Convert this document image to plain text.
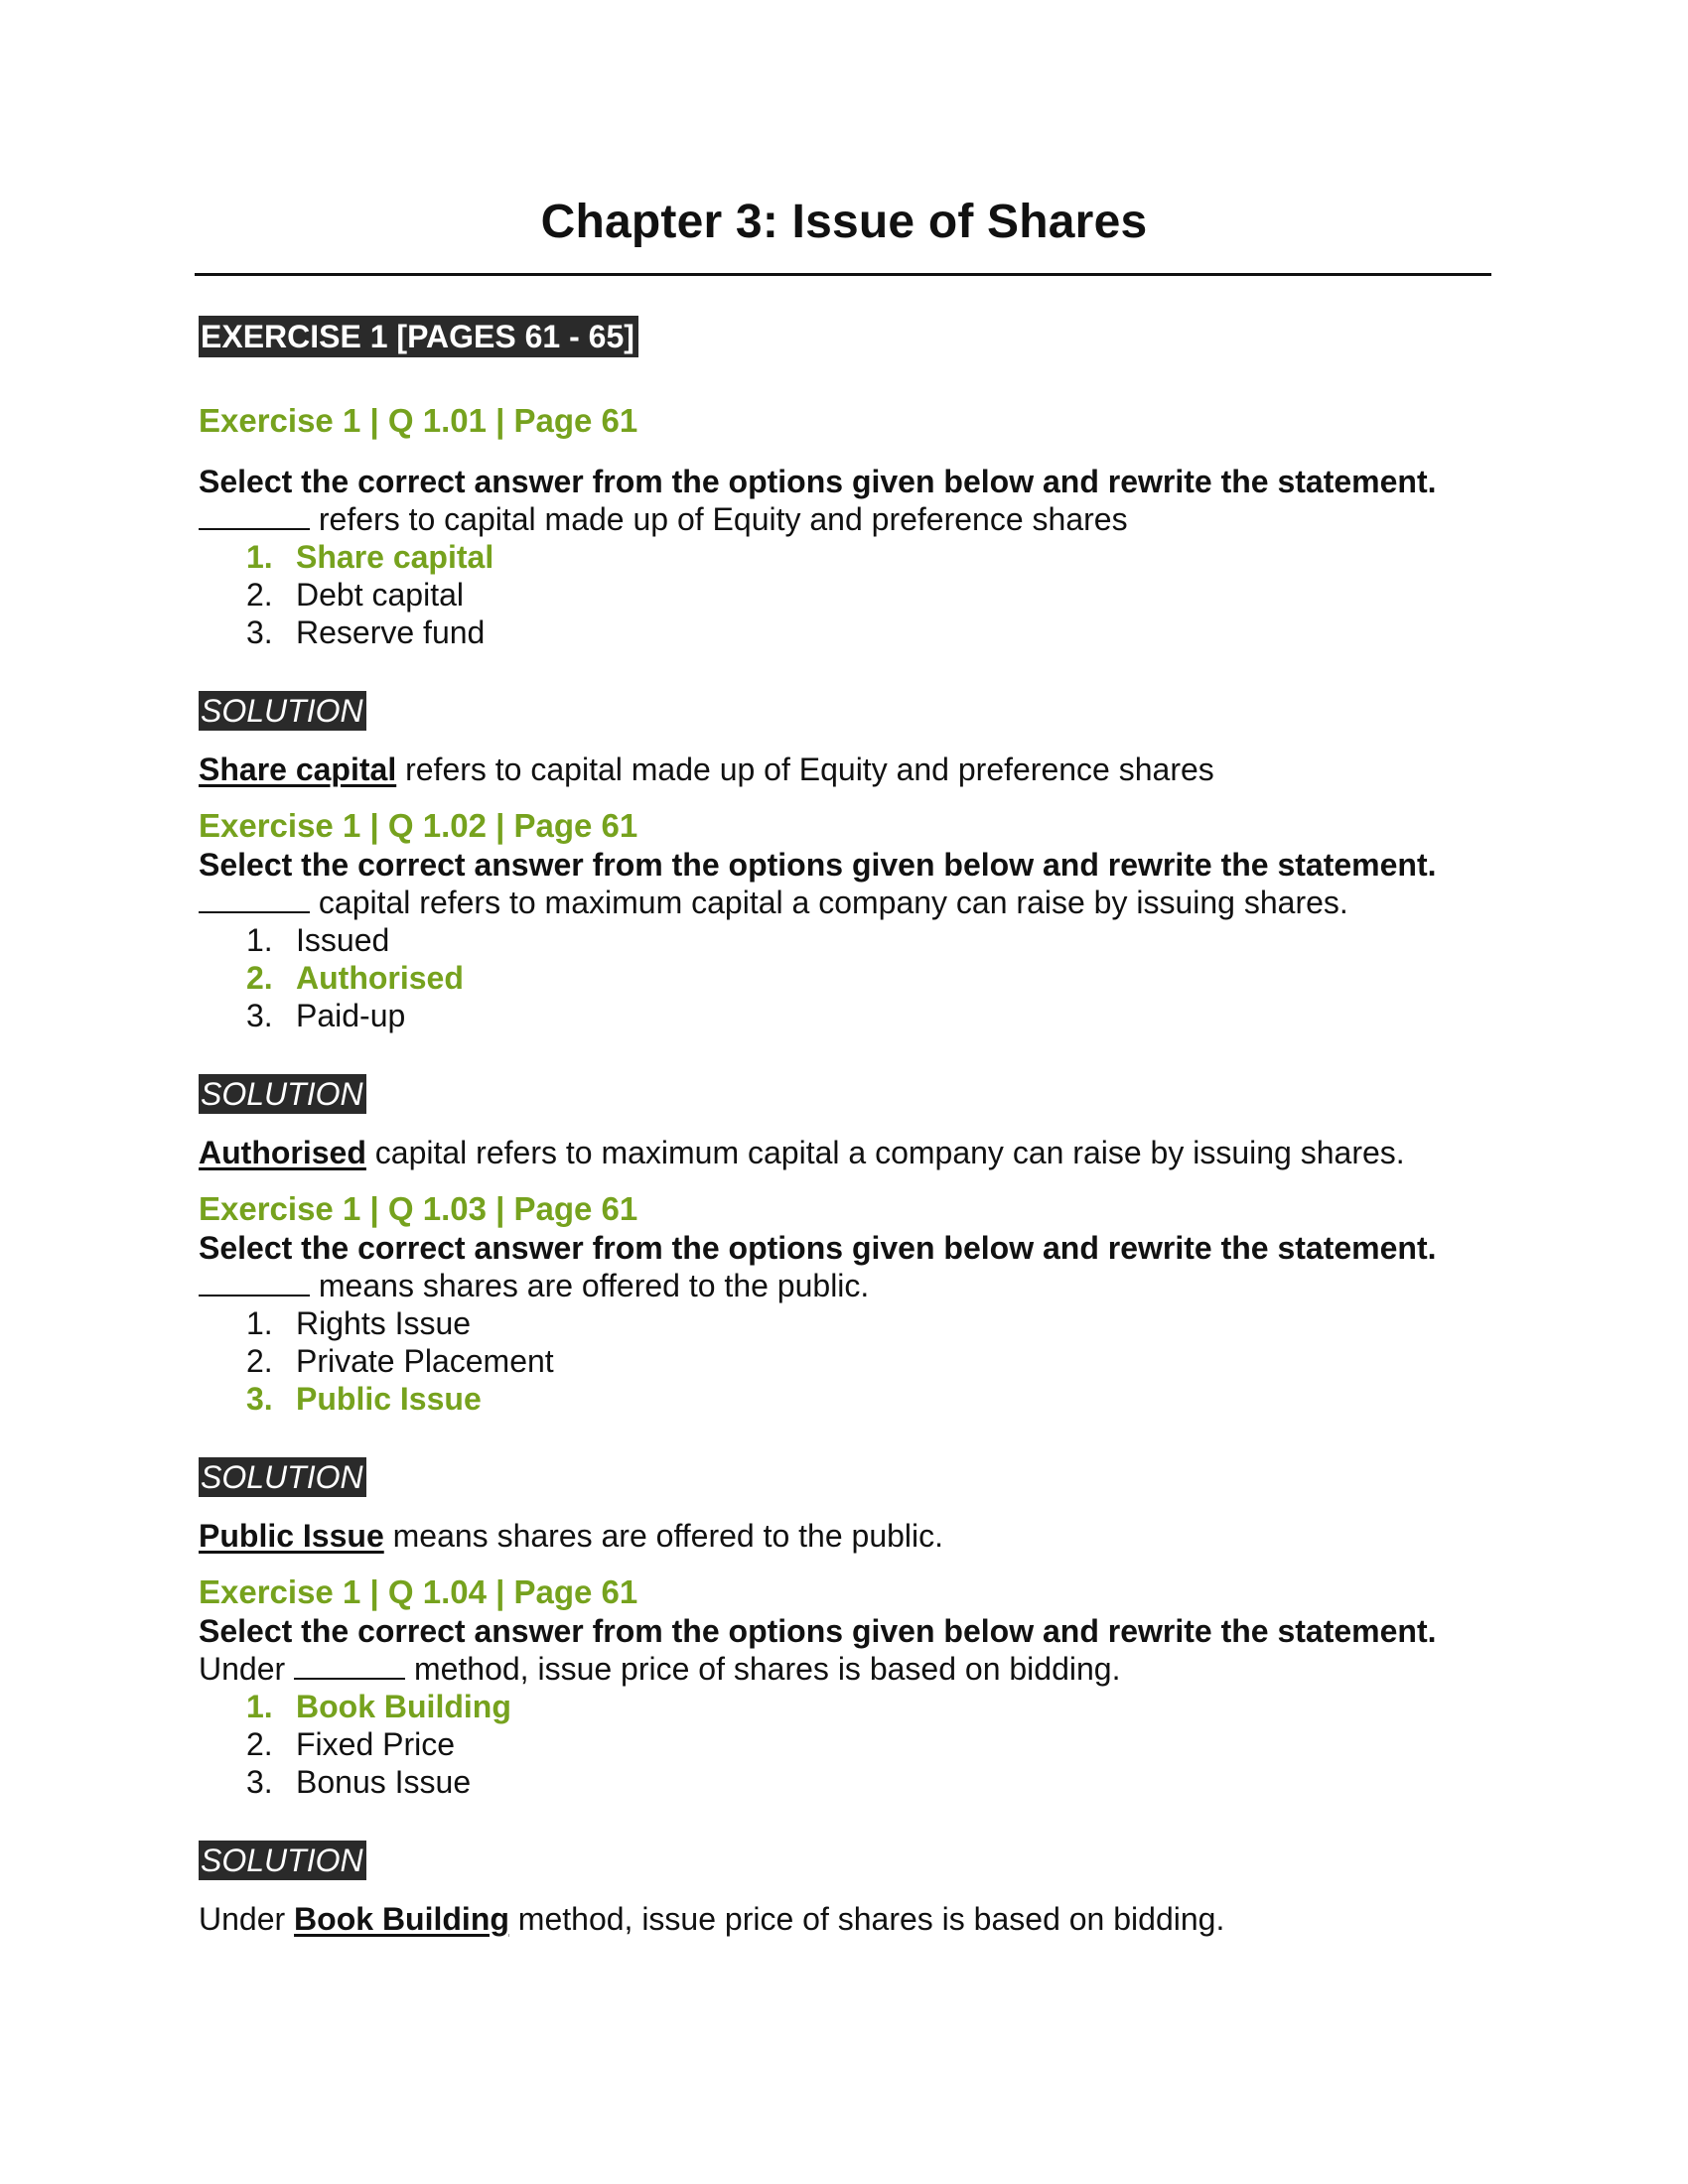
Chapter 3: Issue of Shares
EXERCISE 1 [PAGES 61 - 65]
Exercise 1 | Q 1.01 | Page 61
Select the correct answer from the options given below and rewrite the statement.
refers to capital made up of Equity and preference shares
1. Share capital
2. Debt capital
3. Reserve fund
SOLUTION
Share capital refers to capital made up of Equity and preference shares
Exercise 1 | Q 1.02 | Page 61
Select the correct answer from the options given below and rewrite the statement.
capital refers to maximum capital a company can raise by issuing shares.
1. Issued
2. Authorised
3. Paid-up
SOLUTION
Authorised capital refers to maximum capital a company can raise by issuing shares.
Exercise 1 | Q 1.03 | Page 61
Select the correct answer from the options given below and rewrite the statement.
means shares are offered to the public.
1. Rights Issue
2. Private Placement
3. Public Issue
SOLUTION
Public Issue means shares are offered to the public.
Exercise 1 | Q 1.04 | Page 61
Select the correct answer from the options given below and rewrite the statement.
Under	method, issue price of shares is based on bidding.
1. Book Building
2. Fixed Price
3. Bonus Issue
SOLUTION
Under Book Building method, issue price of shares is based on bidding.
